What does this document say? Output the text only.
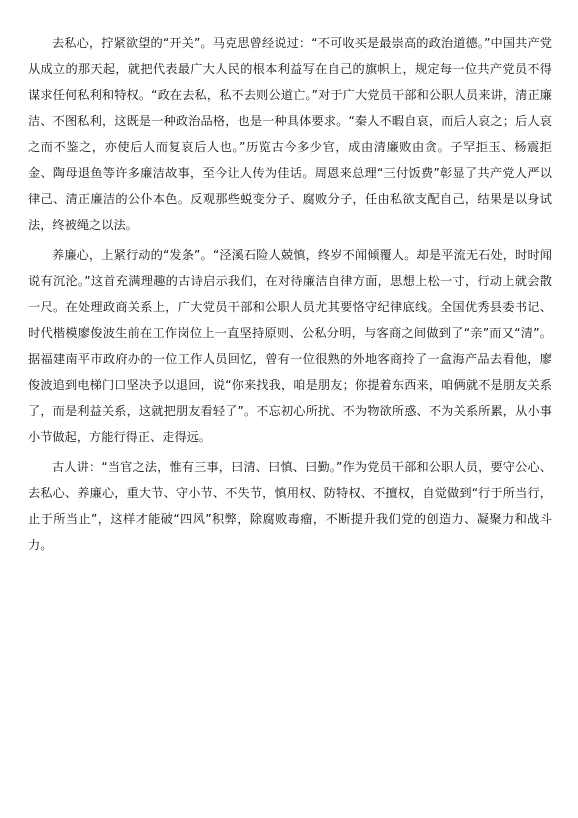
去私心，拧紧欲望的“开关”。马克思曾经说过：“不可收买是最崇高的政治道德。”中国共产党从成立的那天起，就把代表最广大人民的根本利益写在自己的旗帜上，规定每一位共产党员不得谋求任何私利和特权。“政在去私，私不去则公道亡。”对于广大党员干部和公职人员来讲，清正廉洁、不图私利，这既是一种政治品格，也是一种具体要求。“秦人不暇自哀，而后人哀之；后人哀之而不鉴之，亦使后人而复哀后人也。”历览古今多少官，成由清廉败由贪。子罕拒玉、杨震拒金、陶母退鱼等许多廉洁故事，至今让人传为佳话。周恩来总理“三付饭费”彰显了共产党人严以律己、清正廉洁的公仆本色。反观那些蜕变分子、腐败分子，任由私欲支配自己，结果是以身试法，终被绳之以法。

养廉心，上紧行动的“发条”。“泾溪石险人兢慎，终岁不闻倾覆人。却是平流无石处，时时闻说有沉沦。”这首充满理趣的古诗启示我们，在对待廉洁自律方面，思想上松一寸，行动上就会散一尺。在处理政商关系上，广大党员干部和公职人员尤其要恪守纪律底线。全国优秀县委书记、时代楷模廖俊波生前在工作岗位上一直坚持原则、公私分明，与客商之间做到了“亲”而又“清”。据福建南平市政府办的一位工作人员回忆，曾有一位很熟的外地客商拎了一盒海产品去看他，廖俊波追到电梯门口坚决予以退回，说“你来找我，咱是朋友；你提着东西来，咱俩就不是朋友关系了，而是利益关系，这就把朋友看轻了”。不忘初心所扰、不为物欲所惑、不为关系所累，从小事小节做起，方能行得正、走得远。

古人讲：“当官之法，惟有三事，曰清、曰慎、曰勤。”作为党员干部和公职人员，要守公心、去私心、养廉心，重大节、守小节、不失节，慎用权、防特权、不擅权，自觉做到“行于所当行，止于所当止”，这样才能破“四风”积弊，除腐败毒瘤，不断提升我们党的创造力、凝聚力和战斗力。
